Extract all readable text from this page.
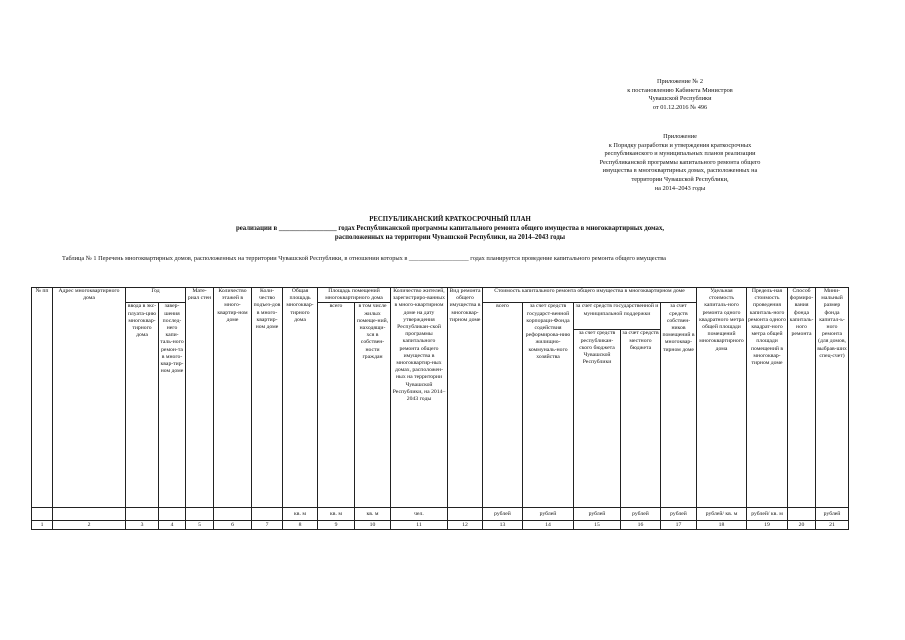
Приложение № 2
к постановлению Кабинета Министров
Чувашской Республики
от 01.12.2016 № 496
Приложение
к Порядку разработки и утверждения краткосрочных
республиканского и муниципальных планов реализации
Республиканской программы капитального ремонта общего
имущества в многоквартирных домах, расположенных на
территории Чувашской Республики,
на 2014–2043 годы
РЕСПУБЛИКАНСКИЙ КРАТКОСРОЧНЫЙ ПЛАН
реализации в _________________ годах Республиканской программы капитального ремонта общего имущества в многоквартирных домах,
расположенных на территории Чувашской Республики, на 2014–2043 годы
Таблица № 1 Перечень многоквартирных домов, расположенных на территории Чувашской Республики, в отношении которых в ___________________ годах планируется проведение капитального ремонта общего имущества
№ пп	Адрес многоквартирного дома	Год		Мате-риал стен	Количество этажей в много-квартир-ном доме	Коли-чество подъез-дов в много-квартир-ном доме	Общая площадь многоквар-тирного дома	Площадь помещений многоквартирного дома		Количество жителей, зарегистриро-ванных в много-квартирном доме на дату утверждения Республикан-ской программы капитального ремонта общего имущества в многоквартир-ных домах, расположен-ных на территории Чувашской Республики, на 2014–2043 годы	Вид ремонта общего имущества в многоквар-тирном доме	Стоимость капитального ремонта общего имущества в многоквартирном доме					Удельная стоимость капиталь-ного ремонта одного квадратного метра общей площади помещений многоквартирного дома	Предель-ная стоимость проведения капиталь-ного ремонта одного квадрат-ного метра общей площади помещений в многоквар-тирном доме	Способ формиро-вания фонда капиталь-ного ремонта	Мини-мальный размер фонда капитал-ь-ного ремонта (для домов, выбрав-ших спец-счет)
		ввода в экс-плуата-цию многоквар-тирного дома	завер-шения послед-него капи-таль-ного ремон-та в много-квар-тир-ном доме					всего	в том числе жилых помеще-ний, находящи-хся в собствен-ности граждан			всего	за счет средств государст-венной корпораци-Фонда содействия реформирова-нию жилищно-коммуналь-ного хозяйства	за счет средств государственной и муниципальной поддержки		за счет средств собствен-ников помещений в многоквар-тирном доме				
														за счет средств республикан-ского бюджета Чувашской Республики	за счет средств местного бюджета					
							кв. м	кв. м	кв. м	чел.		рублей	рублей	рублей	рублей	рублей	рублей/ кв. м	рублей/ кв. м		рублей
1	2	3	4	5	6	7	8	9	10	11	12	13	14	15	16	17	18	19	20	21
